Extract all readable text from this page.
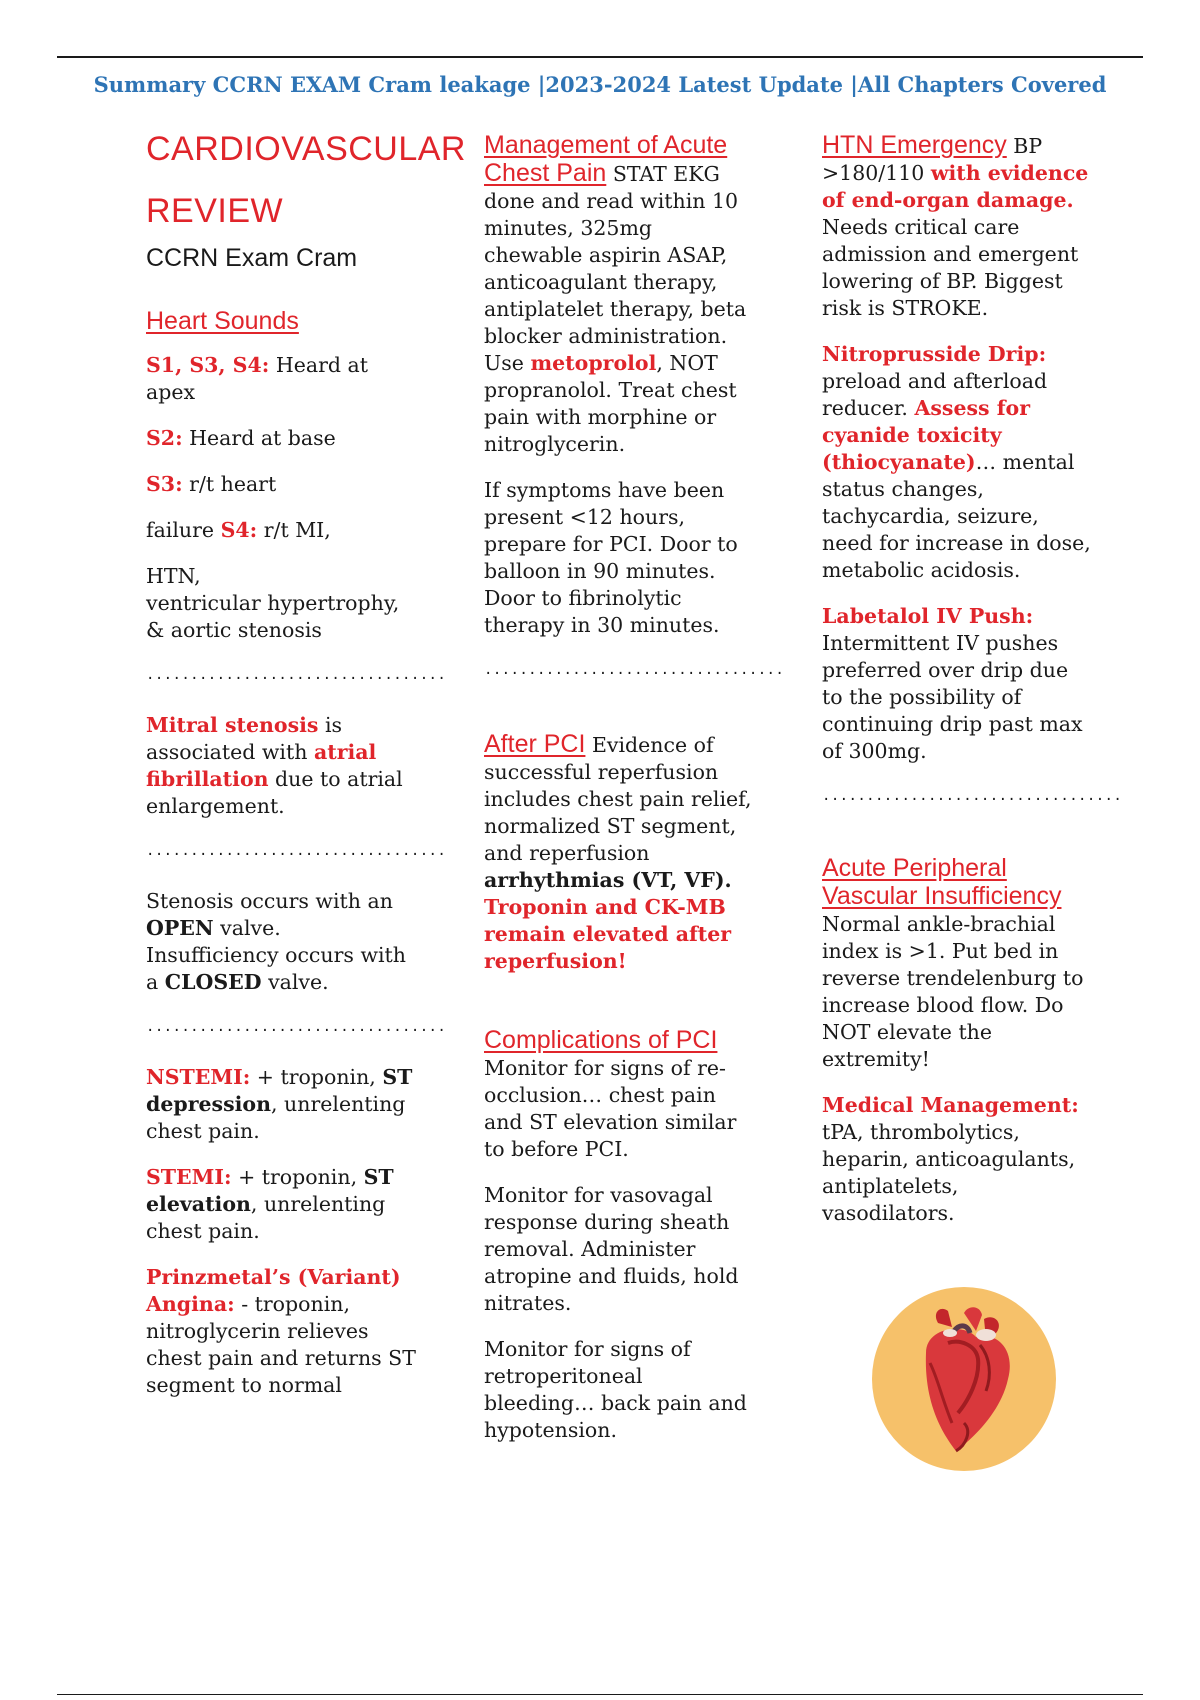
Summary CCRN EXAM Cram leakage |2023-2024 Latest Update |All Chapters Covered
CARDIOVASCULAR
REVIEW
CCRN Exam Cram

Heart Sounds

S1, S3, S4: Heard at apex

S2: Heard at base

S3: r/t heart

failure S4: r/t MI,

HTN,

ventricular hypertrophy, & aortic stenosis

..................................

Mitral stenosis is associated with atrial fibrillation due to atrial enlargement.

..................................

Stenosis occurs with an OPEN valve. Insufficiency occurs with a CLOSED valve.

..................................

NSTEMI: + troponin, ST depression, unrelenting chest pain.

STEMI: + troponin, ST elevation, unrelenting chest pain.

Prinzmetal’s (Variant) Angina: - troponin, nitroglycerin relieves chest pain and returns ST segment to normal

Management of Acute Chest Pain STAT EKG done and read within 10 minutes, 325mg chewable aspirin ASAP, anticoagulant therapy, antiplatelet therapy, beta blocker administration. Use metoprolol, NOT propranolol. Treat chest pain with morphine or nitroglycerin.

If symptoms have been present <12 hours, prepare for PCI. Door to balloon in 90 minutes. Door to fibrinolytic therapy in 30 minutes.

..................................

After PCI Evidence of successful reperfusion includes chest pain relief, normalized ST segment, and reperfusion arrhythmias (VT, VF). Troponin and CK-MB remain elevated after reperfusion!

Complications of PCI
Monitor for signs of re-occlusion… chest pain and ST elevation similar to before PCI.

Monitor for vasovagal response during sheath removal. Administer atropine and fluids, hold nitrates.

Monitor for signs of retroperitoneal bleeding… back pain and hypotension.

HTN Emergency BP >180/110 with evidence of end-organ damage. Needs critical care admission and emergent lowering of BP. Biggest risk is STROKE.

Nitroprusside Drip: preload and afterload reducer. Assess for cyanide toxicity (thiocyanate)… mental status changes, tachycardia, seizure, need for increase in dose, metabolic acidosis.

Labetalol IV Push: Intermittent IV pushes preferred over drip due to the possibility of continuing drip past max of 300mg.

..................................

Acute Peripheral Vascular Insufficiency Normal ankle-brachial index is >1. Put bed in reverse trendelenburg to increase blood flow. Do NOT elevate the extremity!

Medical Management: tPA, thrombolytics, heparin, anticoagulants, antiplatelets, vasodilators.
